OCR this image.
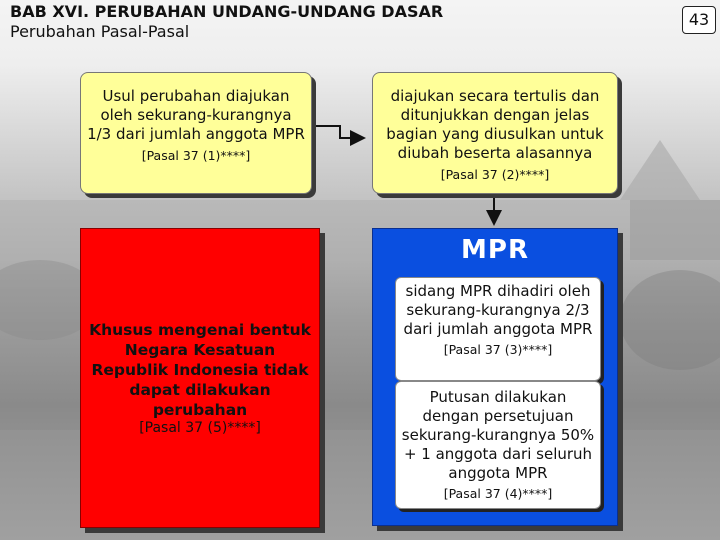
BAB XVI. PERUBAHAN UNDANG-UNDANG DASAR
Perubahan Pasal-Pasal
43
Usul perubahan diajukan oleh sekurang-kurangnya 1/3 dari jumlah anggota MPR
[Pasal 37 (1)****]
diajukan secara tertulis dan ditunjukkan dengan jelas bagian yang diusulkan untuk diubah beserta alasannya
[Pasal 37 (2)****]
Khusus mengenai bentuk Negara Kesatuan Republik Indonesia tidak dapat dilakukan perubahan
[Pasal 37 (5)****]
MPR
sidang MPR dihadiri oleh sekurang-kurangnya 2/3 dari jumlah anggota MPR
[Pasal 37 (3)****]
Putusan dilakukan dengan persetujuan sekurang-kurangnya 50% + 1 anggota dari seluruh anggota MPR
[Pasal 37 (4)****]
